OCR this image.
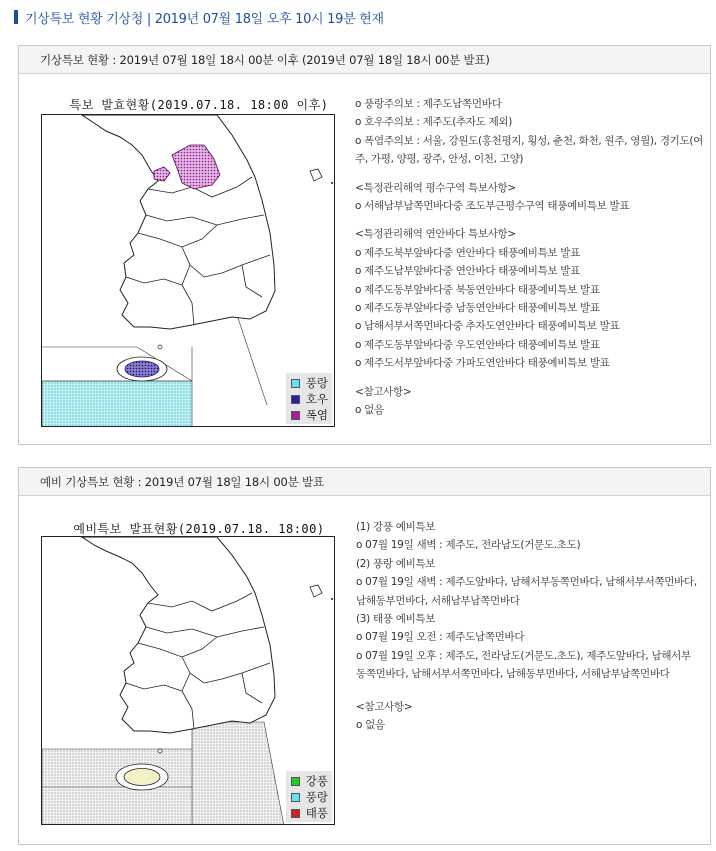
기상특보 현황 기상청 | 2019년 07월 18일 오후 10시 19분 현재
기상특보 현황 : 2019년 07월 18일 18시 00분 이후 (2019년 07월 18일 18시 00분 발표)
특보 발효현황(2019.07.18. 18:00 이후)
풍랑
호우
폭염
o 풍랑주의보 : 제주도남쪽먼바다
o 호우주의보 : 제주도(추자도 제외)
o 폭염주의보 : 서울, 강원도(홍천평지, 횡성, 춘천, 화천, 원주, 영월), 경기도(여주, 가평, 양평, 광주, 안성, 이천, 고양)
<특정관리해역 평수구역 특보사항>
o 서해남부남쪽먼바다중 조도부근평수구역 태풍예비특보 발표
<특정관리해역 연안바다 특보사항>
o 제주도북부앞바다중 연안바다 태풍예비특보 발표
o 제주도남부앞바다중 연안바다 태풍예비특보 발표
o 제주도동부앞바다중 북동연안바다 태풍예비특보 발표
o 제주도동부앞바다중 남동연안바다 태풍예비특보 발표
o 남해서부서쪽먼바다중 추자도연안바다 태풍예비특보 발표
o 제주도동부앞바다중 우도연안바다 태풍예비특보 발표
o 제주도서부앞바다중 가파도연안바다 태풍예비특보 발표
<참고사항>
o 없음
예비 기상특보 현황 : 2019년 07월 18일 18시 00분 발표
예비특보 발표현황(2019.07.18. 18:00)
강풍
풍랑
태풍
(1) 강풍 예비특보
o 07월 19일 새벽 : 제주도, 전라남도(거문도.초도)
(2) 풍랑 예비특보
o 07월 19일 새벽 : 제주도앞바다, 남해서부동쪽먼바다, 남해서부서쪽먼바다, 남해동부먼바다, 서해남부남쪽먼바다
(3) 태풍 예비특보
o 07월 19일 오전 : 제주도남쪽먼바다
o 07월 19일 오후 : 제주도, 전라남도(거문도.초도), 제주도앞바다, 남해서부동쪽먼바다, 남해서부서쪽먼바다, 남해동부먼바다, 서해남부남쪽먼바다
<참고사항>
o 없음
